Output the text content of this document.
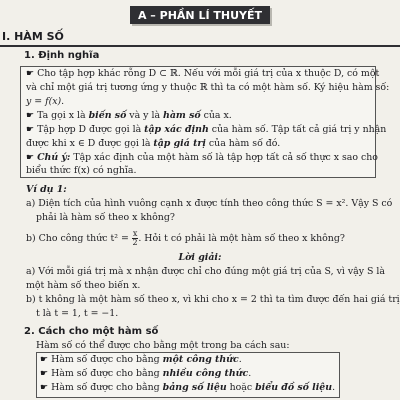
A – PHẦN LÍ THUYẾT
I. HÀM SỐ
1. Định nghĩa
☛ Cho tập hợp khác rỗng D ⊂ ℝ. Nếu với mỗi giá trị của x thuộc D, có một
và chỉ một giá trị tương ứng y thuộc ℝ thì ta có một hàm số. Ký hiệu hàm số:
y = f(x).
☛ Ta gọi x là biến số và y là hàm số của x.
☛ Tập hợp D được gọi là tập xác định của hàm số. Tập tất cả giá trị y nhận
được khi x ∈ D được gọi là tập giá trị của hàm số đó.
☛ Chú ý: Tập xác định của một hàm số là tập hợp tất cả số thực x sao cho
biểu thức f(x) có nghĩa.
Ví dụ 1:
a) Diện tích của hình vuông cạnh x được tính theo công thức S = x². Vậy S có
phải là hàm số theo x không?
b) Cho công thức $t^2 = \frac{x}{2}$ . Hỏi t có phải là một hàm số theo x không?
Lời giải:
a) Với mỗi giá trị mà x nhận được chỉ cho đúng một giá trị của S, vì vậy S là
một hàm số theo biến x.
b) t không là một hàm số theo x, vì khi cho x = 2 thì ta tìm được đến hai giá trị
t là t = 1, t = −1.
2. Cách cho một hàm số
Hàm số có thể được cho bằng một trong ba cách sau:
☛ Hàm số được cho bằng một công thức.
☛ Hàm số được cho bằng nhiều công thức.
☛ Hàm số được cho bằng bảng số liệu hoặc biểu đồ số liệu.
